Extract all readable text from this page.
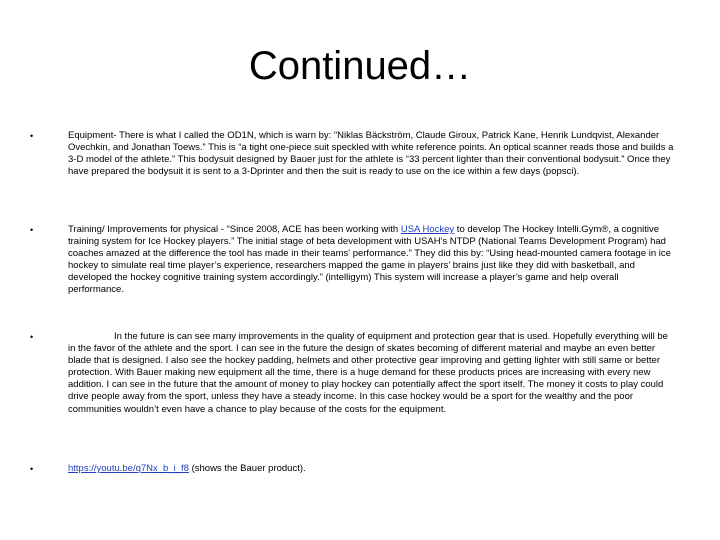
Continued…
•	Equipment- There is what I called the OD1N, which is warn by: “Niklas Bäckström, Claude Giroux, Patrick Kane, Henrik Lundqvist, Alexander Ovechkin, and Jonathan Toews.” This is “a tight one-piece suit speckled with white reference points. An optical scanner reads those and builds a 3-D model of the athlete.” This bodysuit designed by Bauer just for the athlete is “33 percent lighter than their conventional bodysuit.” Once they have prepared the bodysuit it is sent to a 3-Dprinter and then the suit is ready to use on the ice within a few days (popsci).

•	Training/ Improvements for physical - “Since 2008, ACE has been working with USA Hockey to develop The Hockey Intelli.Gym®, a cognitive training system for Ice Hockey players.” The initial stage of beta development with USAH's NTDP (National Teams Development Program) had coaches amazed at the difference the tool has made in their teams' performance.” They did this by: “Using head-mounted camera footage in ice hockey to simulate real time player’s experience, researchers mapped the game in players’ brains just like they did with basketball, and developed the hockey cognitive training system accordingly.” (intelligym) This system will increase a player’s game and help overall performance.

•	In the future is can see many improvements in the quality of equipment and protection gear that is used. Hopefully everything will be in the favor of the athlete and the sport. I can see in the future the design of skates becoming of different material and maybe an even better blade that is designed. I also see the hockey padding, helmets and other protective gear improving and getting lighter with still same or better protection. With Bauer making new equipment all the time, there is a huge demand for these products prices are increasing with every new addition. I can see in the future that the amount of money to play hockey can potentially affect the sport itself. The money it costs to play could drive people away from the sport, unless they have a steady income. In this case hockey would be a sport for the wealthy and the poor communities wouldn’t even have a chance to play because of the costs for the equipment.

•	https://youtu.be/q7Nx_b_i_f8 (shows the Bauer product).
